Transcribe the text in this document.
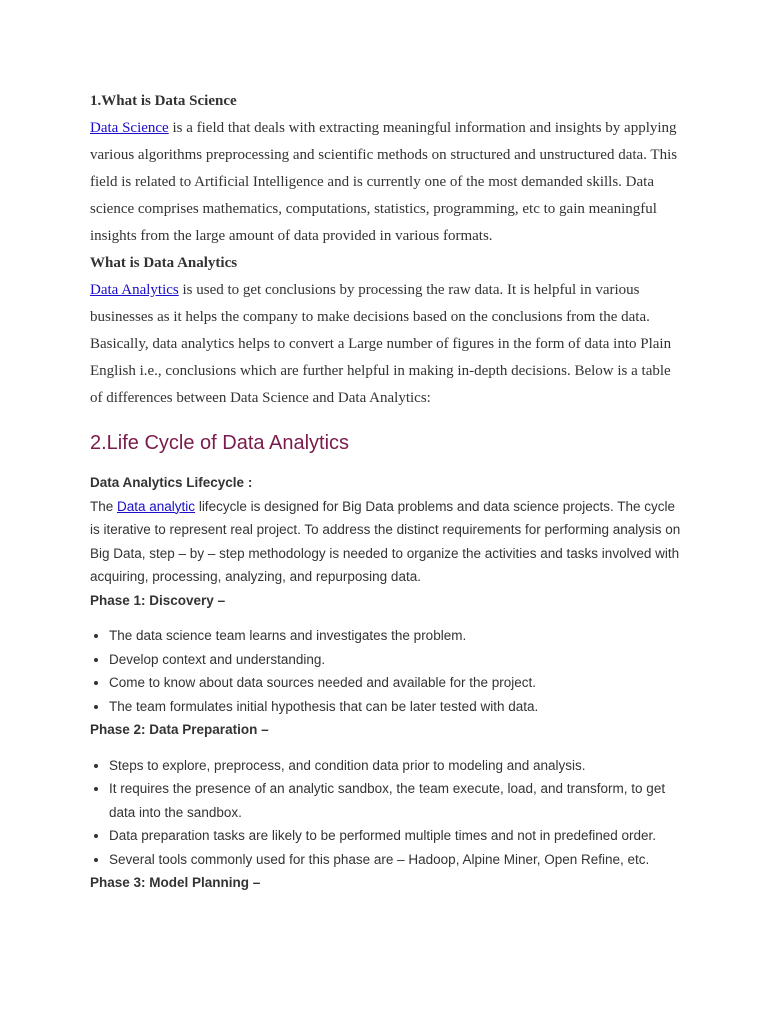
1.What is Data Science

Data Science is a field that deals with extracting meaningful information and insights by applying various algorithms preprocessing and scientific methods on structured and unstructured data. This field is related to Artificial Intelligence and is currently one of the most demanded skills. Data science comprises mathematics, computations, statistics, programming, etc to gain meaningful insights from the large amount of data provided in various formats.

What is Data Analytics

Data Analytics is used to get conclusions by processing the raw data. It is helpful in various businesses as it helps the company to make decisions based on the conclusions from the data. Basically, data analytics helps to convert a Large number of figures in the form of data into Plain English i.e., conclusions which are further helpful in making in-depth decisions. Below is a table of differences between Data Science and Data Analytics:

2.Life Cycle of Data Analytics
Data Analytics Lifecycle :

The Data analytic lifecycle is designed for Big Data problems and data science projects. The cycle is iterative to represent real project. To address the distinct requirements for performing analysis on Big Data, step – by – step methodology is needed to organize the activities and tasks involved with acquiring, processing, analyzing, and repurposing data.

Phase 1: Discovery –
• The data science team learns and investigates the problem.
• Develop context and understanding.
• Come to know about data sources needed and available for the project.
• The team formulates initial hypothesis that can be later tested with data.
Phase 2: Data Preparation –
• Steps to explore, preprocess, and condition data prior to modeling and analysis.
• It requires the presence of an analytic sandbox, the team execute, load, and transform, to get data into the sandbox.
• Data preparation tasks are likely to be performed multiple times and not in predefined order.
• Several tools commonly used for this phase are – Hadoop, Alpine Miner, Open Refine, etc.
Phase 3: Model Planning –
